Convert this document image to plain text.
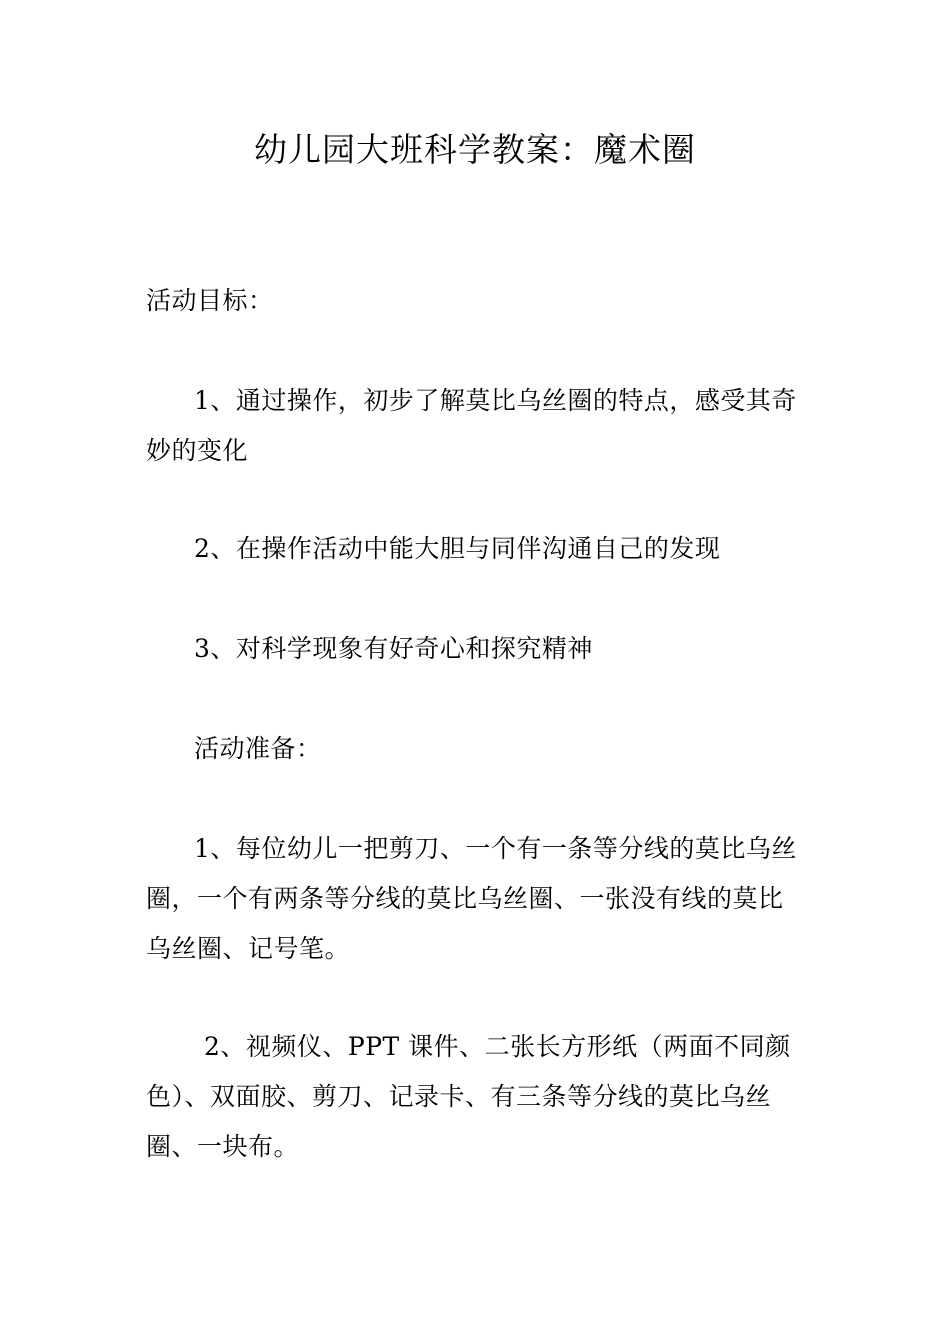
幼儿园大班科学教案：魔术圈
活动目标：
1、通过操作，初步了解莫比乌丝圈的特点，感受其奇
妙的变化
2、在操作活动中能大胆与同伴沟通自己的发现
3、对科学现象有好奇心和探究精神
活动准备：
1、每位幼儿一把剪刀、一个有一条等分线的莫比乌丝
圈，一个有两条等分线的莫比乌丝圈、一张没有线的莫比
乌丝圈、记号笔。
2、视频仪、PPT 课件、二张长方形纸（两面不同颜
色）、双面胶、剪刀、记录卡、有三条等分线的莫比乌丝
圈、一块布。
